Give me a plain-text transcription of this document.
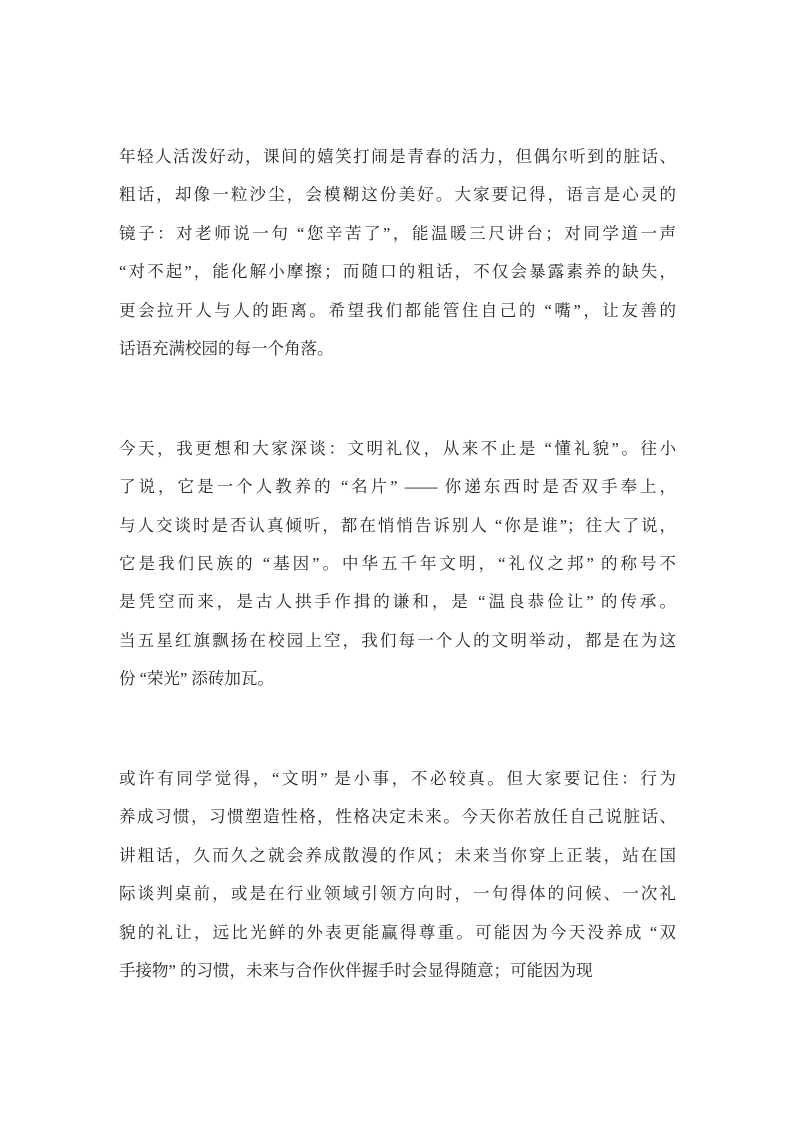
年轻人活泼好动，课间的嬉笑打闹是青春的活力，但偶尔听到的脏话、
粗话，却像一粒沙尘，会模糊这份美好。大家要记得，语言是心灵的
镜子：对老师说一句 “您辛苦了”，能温暖三尺讲台；对同学道一声
“对不起”，能化解小摩擦；而随口的粗话，不仅会暴露素养的缺失，
更会拉开人与人的距离。希望我们都能管住自己的 “嘴”，让友善的
话语充满校园的每一个角落。
今天，我更想和大家深谈：文明礼仪，从来不止是 “懂礼貌”。往小
了说，它是一个人教养的 “名片” —— 你递东西时是否双手奉上，
与人交谈时是否认真倾听，都在悄悄告诉别人 “你是谁”；往大了说，
它是我们民族的 “基因”。中华五千年文明，“礼仪之邦” 的称号不
是凭空而来，是古人拱手作揖的谦和，是 “温良恭俭让” 的传承。
当五星红旗飘扬在校园上空，我们每一个人的文明举动，都是在为这
份 “荣光” 添砖加瓦。
或许有同学觉得，“文明” 是小事，不必较真。但大家要记住：行为
养成习惯，习惯塑造性格，性格决定未来。今天你若放任自己说脏话、
讲粗话，久而久之就会养成散漫的作风；未来当你穿上正装，站在国
际谈判桌前，或是在行业领域引领方向时，一句得体的问候、一次礼
貌的礼让，远比光鲜的外表更能赢得尊重。可能因为今天没养成 “双
手接物” 的习惯，未来与合作伙伴握手时会显得随意；可能因为现
